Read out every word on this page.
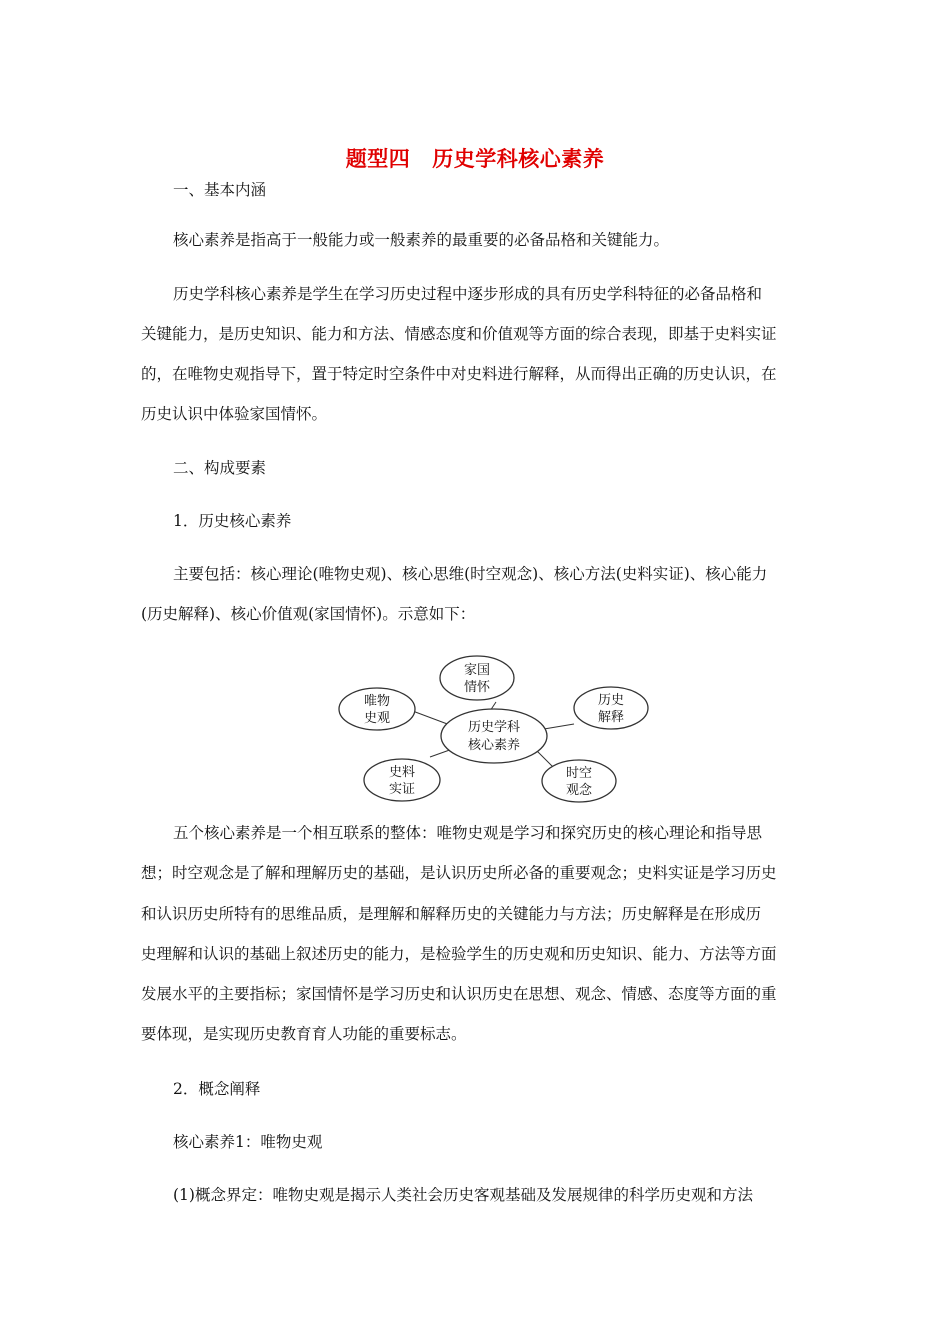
题型四 历史学科核心素养
一、基本内涵
核心素养是指高于一般能力或一般素养的最重要的必备品格和关键能力。
历史学科核心素养是学生在学习历史过程中逐步形成的具有历史学科特征的必备品格和
关键能力，是历史知识、能力和方法、情感态度和价值观等方面的综合表现，即基于史料实证
的，在唯物史观指导下，置于特定时空条件中对史料进行解释，从而得出正确的历史认识，在
历史认识中体验家国情怀。
二、构成要素
1．历史核心素养
主要包括：核心理论(唯物史观)、核心思维(时空观念)、核心方法(史料实证)、核心能力
(历史解释)、核心价值观(家国情怀)。示意如下：
历史学科
核心素养
家国
情怀
唯物
史观
历史
解释
史料
实证
时空
观念
五个核心素养是一个相互联系的整体：唯物史观是学习和探究历史的核心理论和指导思
想；时空观念是了解和理解历史的基础，是认识历史所必备的重要观念；史料实证是学习历史
和认识历史所特有的思维品质，是理解和解释历史的关键能力与方法；历史解释是在形成历
史理解和认识的基础上叙述历史的能力，是检验学生的历史观和历史知识、能力、方法等方面
发展水平的主要指标；家国情怀是学习历史和认识历史在思想、观念、情感、态度等方面的重
要体现，是实现历史教育育人功能的重要标志。
2．概念阐释
核心素养1：唯物史观
(1)概念界定：唯物史观是揭示人类社会历史客观基础及发展规律的科学历史观和方法
